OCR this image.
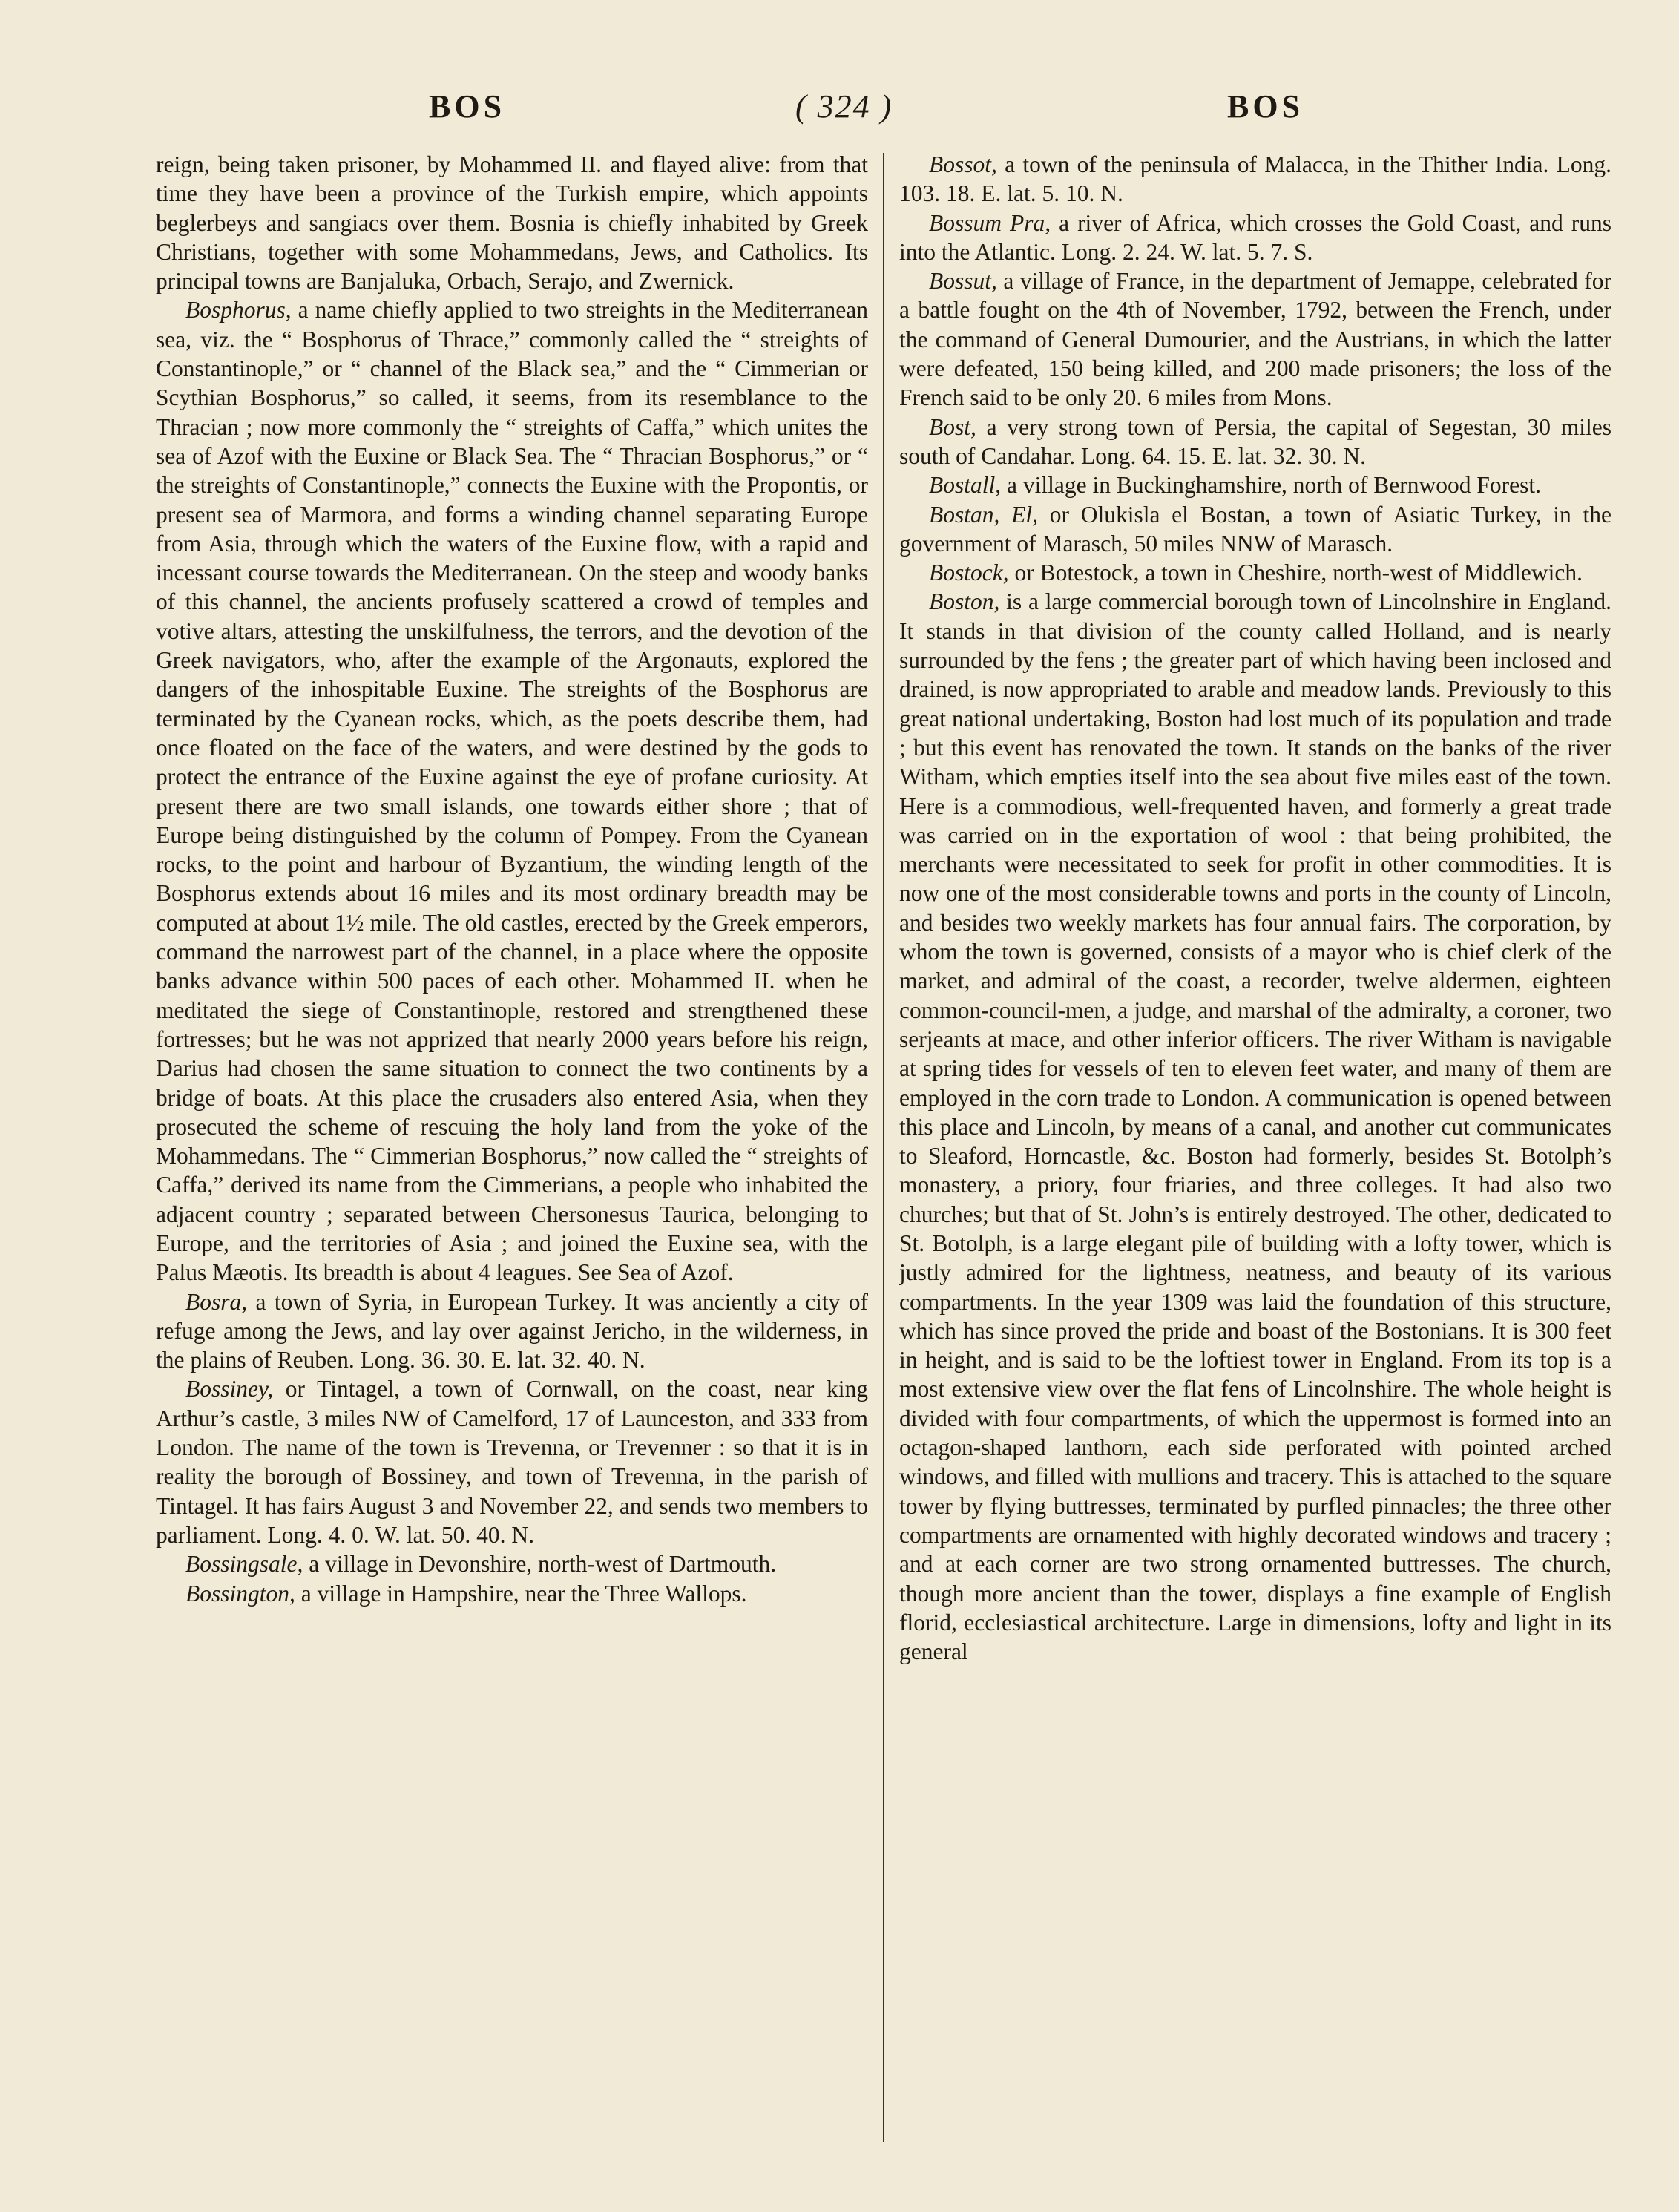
BOS	( 324 )	BOS

reign, being taken prisoner, by Mohammed II. and flayed alive: from that time they have been a province of the Turkish empire, which appoints beglerbeys and sangiacs over them. Bosnia is chiefly inhabited by Greek Christians, together with some Mohammedans, Jews, and Catholics. Its principal towns are Banjaluka, Orbach, Serajo, and Zwernick.

Bosphorus, a name chiefly applied to two streights in the Mediterranean sea, viz. the “ Bosphorus of Thrace,” commonly called the “ streights of Constantinople,” or “ channel of the Black sea,” and the “ Cimmerian or Scythian Bosphorus,” so called, it seems, from its resemblance to the Thracian ; now more commonly the “ streights of Caffa,” which unites the sea of Azof with the Euxine or Black Sea. The “ Thracian Bosphorus,” or “ the streights of Constantinople,” connects the Euxine with the Propontis, or present sea of Marmora, and forms a winding channel separating Europe from Asia, through which the waters of the Euxine flow, with a rapid and incessant course towards the Mediterranean. On the steep and woody banks of this channel, the ancients profusely scattered a crowd of temples and votive altars, attesting the unskilfulness, the terrors, and the devotion of the Greek navigators, who, after the example of the Argonauts, explored the dangers of the inhospitable Euxine. The streights of the Bosphorus are terminated by the Cyanean rocks, which, as the poets describe them, had once floated on the face of the waters, and were destined by the gods to protect the entrance of the Euxine against the eye of profane curiosity. At present there are two small islands, one towards either shore ; that of Europe being distinguished by the column of Pompey. From the Cyanean rocks, to the point and harbour of Byzantium, the winding length of the Bosphorus extends about 16 miles and its most ordinary breadth may be computed at about 1½ mile. The old castles, erected by the Greek emperors, command the narrowest part of the channel, in a place where the opposite banks advance within 500 paces of each other. Mohammed II. when he meditated the siege of Constantinople, restored and strengthened these fortresses; but he was not apprized that nearly 2000 years before his reign, Darius had chosen the same situation to connect the two continents by a bridge of boats. At this place the crusaders also entered Asia, when they prosecuted the scheme of rescuing the holy land from the yoke of the Mohammedans. The “ Cimmerian Bosphorus,” now called the “ streights of Caffa,” derived its name from the Cimmerians, a people who inhabited the adjacent country ; separated between Chersonesus Taurica, belonging to Europe, and the territories of Asia ; and joined the Euxine sea, with the Palus Mæotis. Its breadth is about 4 leagues. See Sea of Azof.

Bosra, a town of Syria, in European Turkey. It was anciently a city of refuge among the Jews, and lay over against Jericho, in the wilderness, in the plains of Reuben. Long. 36. 30. E. lat. 32. 40. N.

Bossiney, or Tintagel, a town of Cornwall, on the coast, near king Arthur’s castle, 3 miles NW of Camelford, 17 of Launceston, and 333 from London. The name of the town is Trevenna, or Trevenner : so that it is in reality the borough of Bossiney, and town of Trevenna, in the parish of Tintagel. It has fairs August 3 and November 22, and sends two members to parliament. Long. 4. 0. W. lat. 50. 40. N.

Bossingsale, a village in Devonshire, north-west of Dartmouth.

Bossington, a village in Hampshire, near the Three Wallops.

Bossot, a town of the peninsula of Malacca, in the Thither India. Long. 103. 18. E. lat. 5. 10. N.

Bossum Pra, a river of Africa, which crosses the Gold Coast, and runs into the Atlantic. Long. 2. 24. W. lat. 5. 7. S.

Bossut, a village of France, in the department of Jemappe, celebrated for a battle fought on the 4th of November, 1792, between the French, under the command of General Dumourier, and the Austrians, in which the latter were defeated, 150 being killed, and 200 made prisoners; the loss of the French said to be only 20. 6 miles from Mons.

Bost, a very strong town of Persia, the capital of Segestan, 30 miles south of Candahar. Long. 64. 15. E. lat. 32. 30. N.

Bostall, a village in Buckinghamshire, north of Bernwood Forest.

Bostan, El, or Olukisla el Bostan, a town of Asiatic Turkey, in the government of Marasch, 50 miles NNW of Marasch.

Bostock, or Botestock, a town in Cheshire, north-west of Middlewich.

Boston, is a large commercial borough town of Lincolnshire in England. It stands in that division of the county called Holland, and is nearly surrounded by the fens ; the greater part of which having been inclosed and drained, is now appropriated to arable and meadow lands. Previously to this great national undertaking, Boston had lost much of its population and trade ; but this event has renovated the town. It stands on the banks of the river Witham, which empties itself into the sea about five miles east of the town. Here is a commodious, well-frequented haven, and formerly a great trade was carried on in the exportation of wool : that being prohibited, the merchants were necessitated to seek for profit in other commodities. It is now one of the most considerable towns and ports in the county of Lincoln, and besides two weekly markets has four annual fairs. The corporation, by whom the town is governed, consists of a mayor who is chief clerk of the market, and admiral of the coast, a recorder, twelve aldermen, eighteen common-council-men, a judge, and marshal of the admiralty, a coroner, two serjeants at mace, and other inferior officers. The river Witham is navigable at spring tides for vessels of ten to eleven feet water, and many of them are employed in the corn trade to London. A communication is opened between this place and Lincoln, by means of a canal, and another cut communicates to Sleaford, Horncastle, &c. Boston had formerly, besides St. Botolph’s monastery, a priory, four friaries, and three colleges. It had also two churches; but that of St. John’s is entirely destroyed. The other, dedicated to St. Botolph, is a large elegant pile of building with a lofty tower, which is justly admired for the lightness, neatness, and beauty of its various compartments. In the year 1309 was laid the foundation of this structure, which has since proved the pride and boast of the Bostonians. It is 300 feet in height, and is said to be the loftiest tower in England. From its top is a most extensive view over the flat fens of Lincolnshire. The whole height is divided with four compartments, of which the uppermost is formed into an octagon-shaped lanthorn, each side perforated with pointed arched windows, and filled with mullions and tracery. This is attached to the square tower by flying buttresses, terminated by purfled pinnacles; the three other compartments are ornamented with highly decorated windows and tracery ; and at each corner are two strong ornamented buttresses. The church, though more ancient than the tower, displays a fine example of English florid, ecclesiastical architecture. Large in dimensions, lofty and light in its general
